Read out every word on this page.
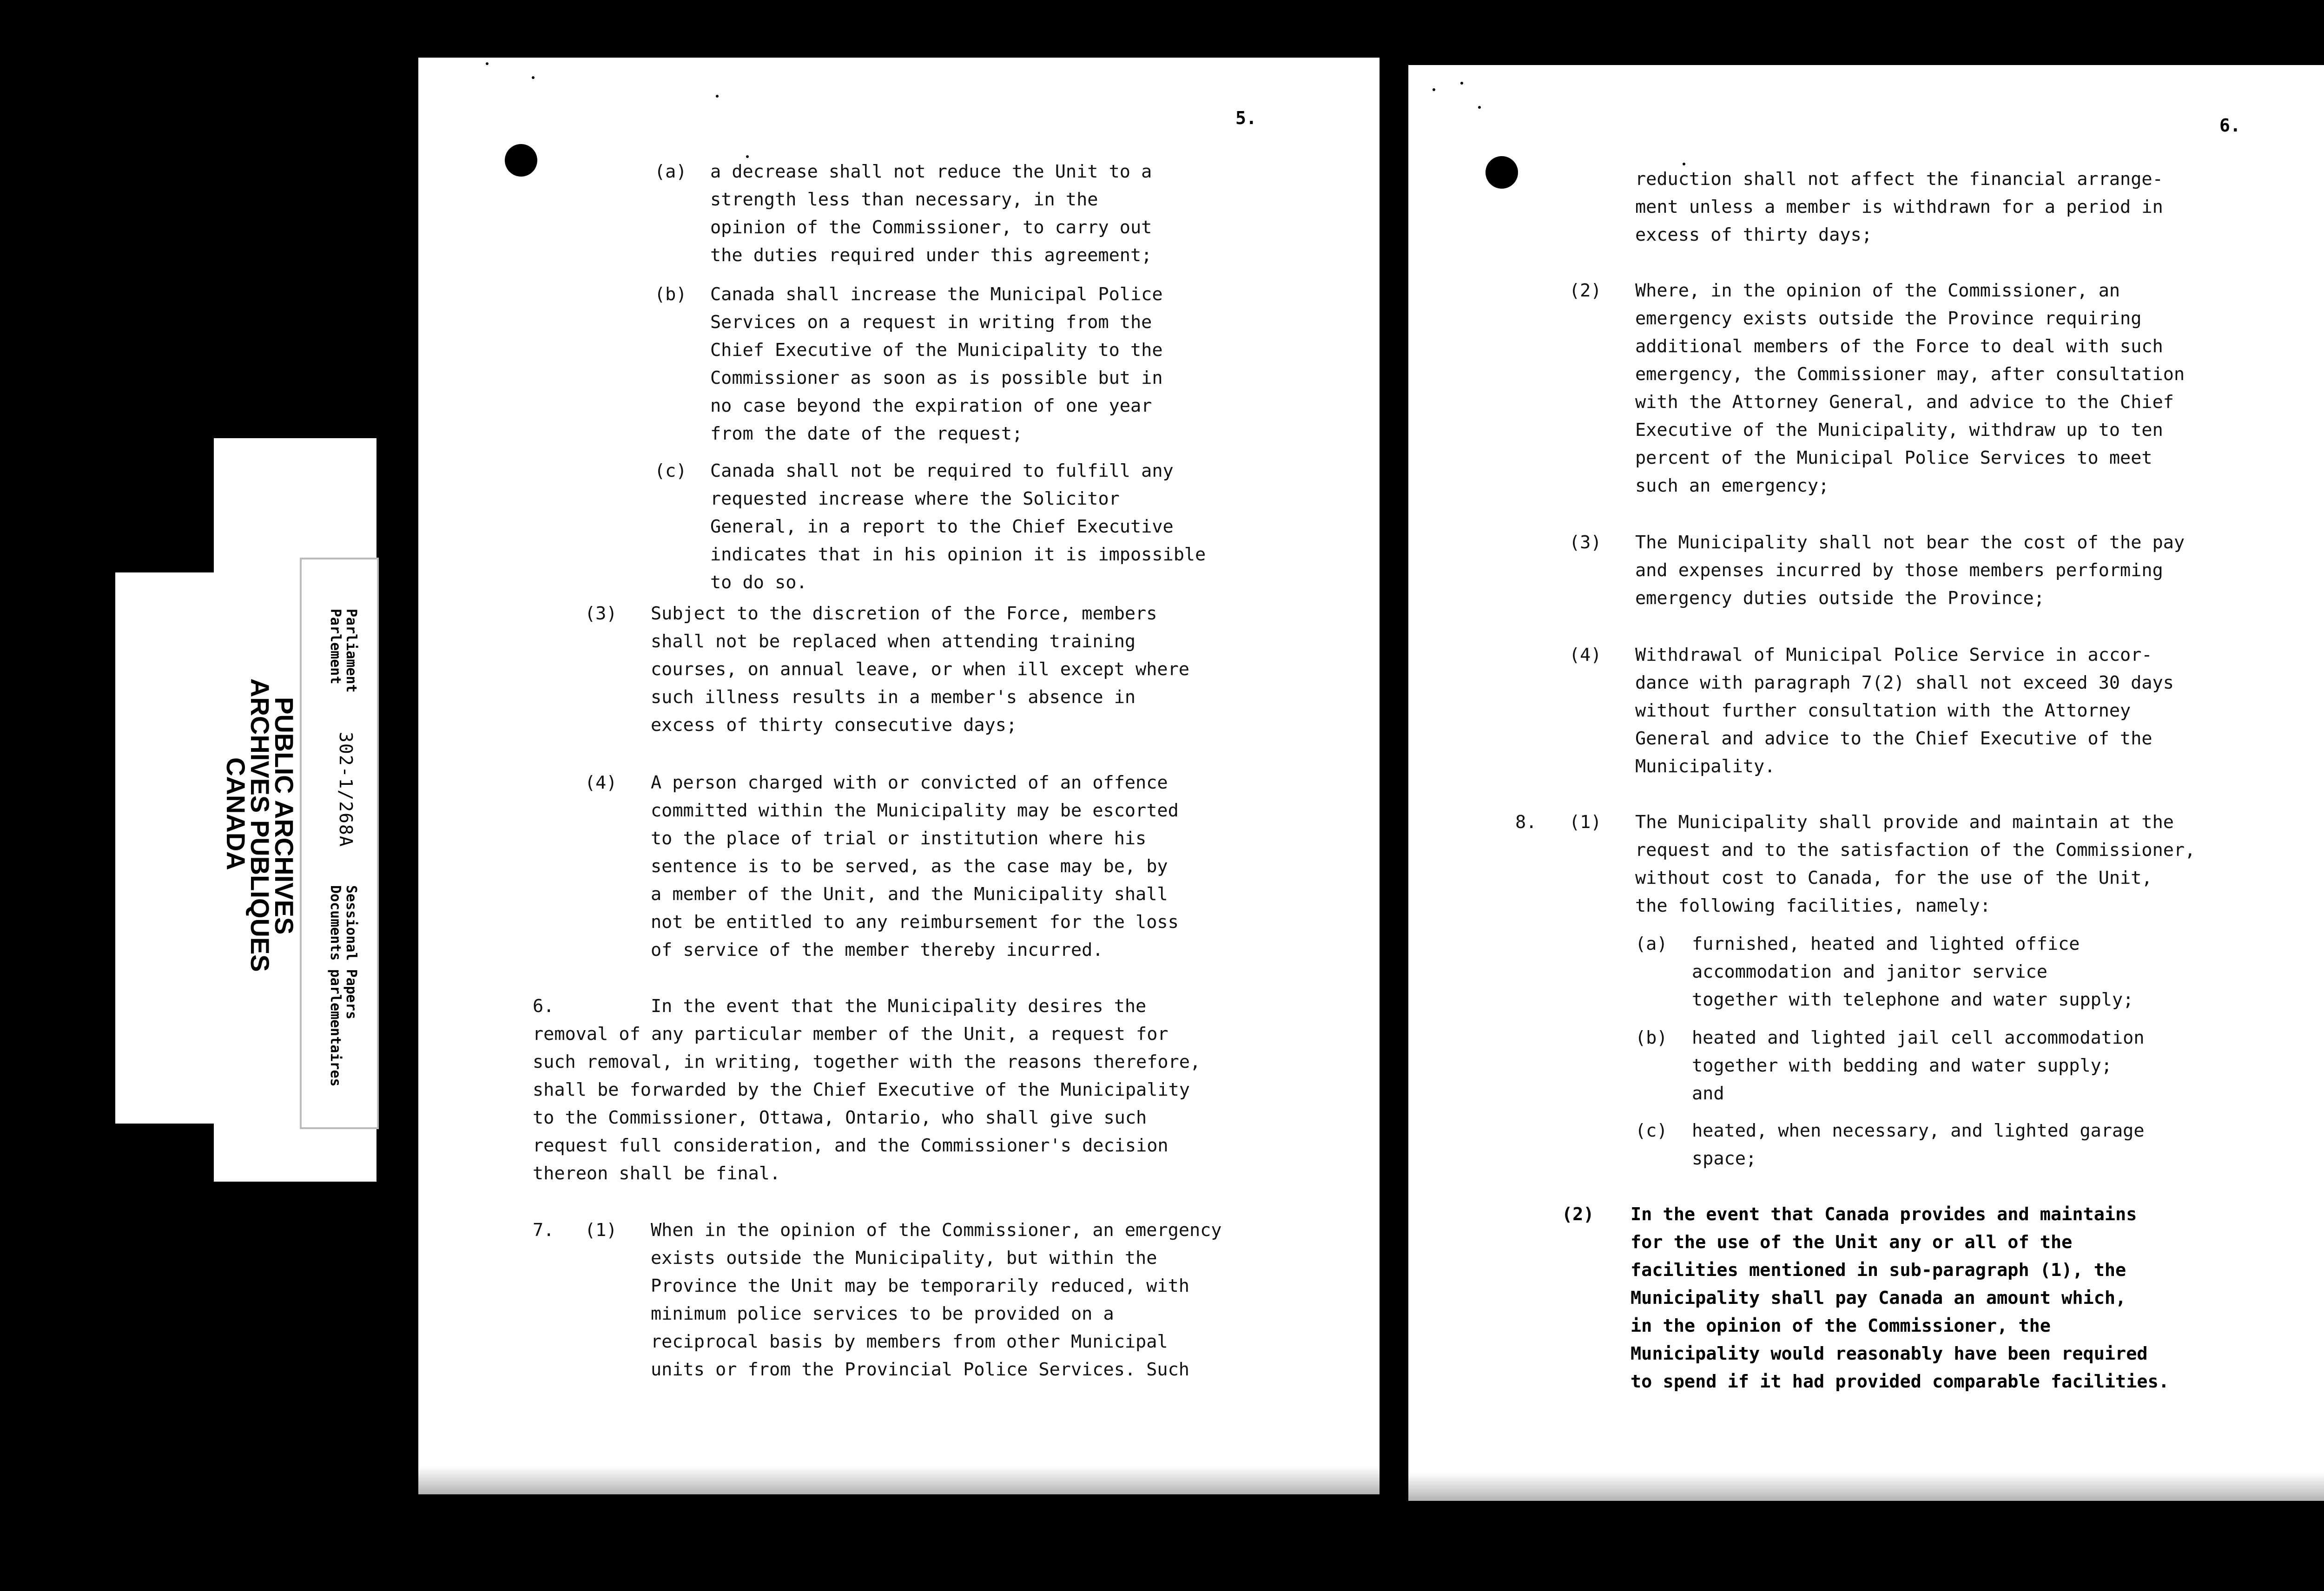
PUBLIC ARCHIVES
ARCHIVES PUBLIQUES
CANADA
Parliament
Parlement
302-1/268A
Sessional Papers
Documents parlementaires
5.
(a) a decrease shall not reduce the Unit to a
strength less than necessary, in the
opinion of the Commissioner, to carry out
the duties required under this agreement;
(b) Canada shall increase the Municipal Police
Services on a request in writing from the
Chief Executive of the Municipality to the
Commissioner as soon as is possible but in
no case beyond the expiration of one year
from the date of the request;
(c) Canada shall not be required to fulfill any
requested increase where the Solicitor
General, in a report to the Chief Executive
indicates that in his opinion it is impossible
to do so.
(3) Subject to the discretion of the Force, members
shall not be replaced when attending training
courses, on annual leave, or when ill except where
such illness results in a member's absence in
excess of thirty consecutive days;
(4) A person charged with or convicted of an offence
committed within the Municipality may be escorted
to the place of trial or institution where his
sentence is to be served, as the case may be, by
a member of the Unit, and the Municipality shall
not be entitled to any reimbursement for the loss
of service of the member thereby incurred.
6.	In the event that the Municipality desires the
removal of any particular member of the Unit, a request for
such removal, in writing, together with the reasons therefore,
shall be forwarded by the Chief Executive of the Municipality
to the Commissioner, Ottawa, Ontario, who shall give such
request full consideration, and the Commissioner's decision
thereon shall be final.
7. (1) When in the opinion of the Commissioner, an emergency
exists outside the Municipality, but within the
Province the Unit may be temporarily reduced, with
minimum police services to be provided on a
reciprocal basis by members from other Municipal
units or from the Provincial Police Services. Such
6.
reduction shall not affect the financial arrange-
ment unless a member is withdrawn for a period in
excess of thirty days;
(2) Where, in the opinion of the Commissioner, an
emergency exists outside the Province requiring
additional members of the Force to deal with such
emergency, the Commissioner may, after consultation
with the Attorney General, and advice to the Chief
Executive of the Municipality, withdraw up to ten
percent of the Municipal Police Services to meet
such an emergency;
(3) The Municipality shall not bear the cost of the pay
and expenses incurred by those members performing
emergency duties outside the Province;
(4) Withdrawal of Municipal Police Service in accor-
dance with paragraph 7(2) shall not exceed 30 days
without further consultation with the Attorney
General and advice to the Chief Executive of the
Municipality.
8. (1) The Municipality shall provide and maintain at the
request and to the satisfaction of the Commissioner,
without cost to Canada, for the use of the Unit,
the following facilities, namely:
(a) furnished, heated and lighted office
accommodation and janitor service
together with telephone and water supply;
(b) heated and lighted jail cell accommodation
together with bedding and water supply;
and
(c) heated, when necessary, and lighted garage
space;
(2) In the event that Canada provides and maintains
for the use of the Unit any or all of the
facilities mentioned in sub-paragraph (1), the
Municipality shall pay Canada an amount which,
in the opinion of the Commissioner, the
Municipality would reasonably have been required
to spend if it had provided comparable facilities.
